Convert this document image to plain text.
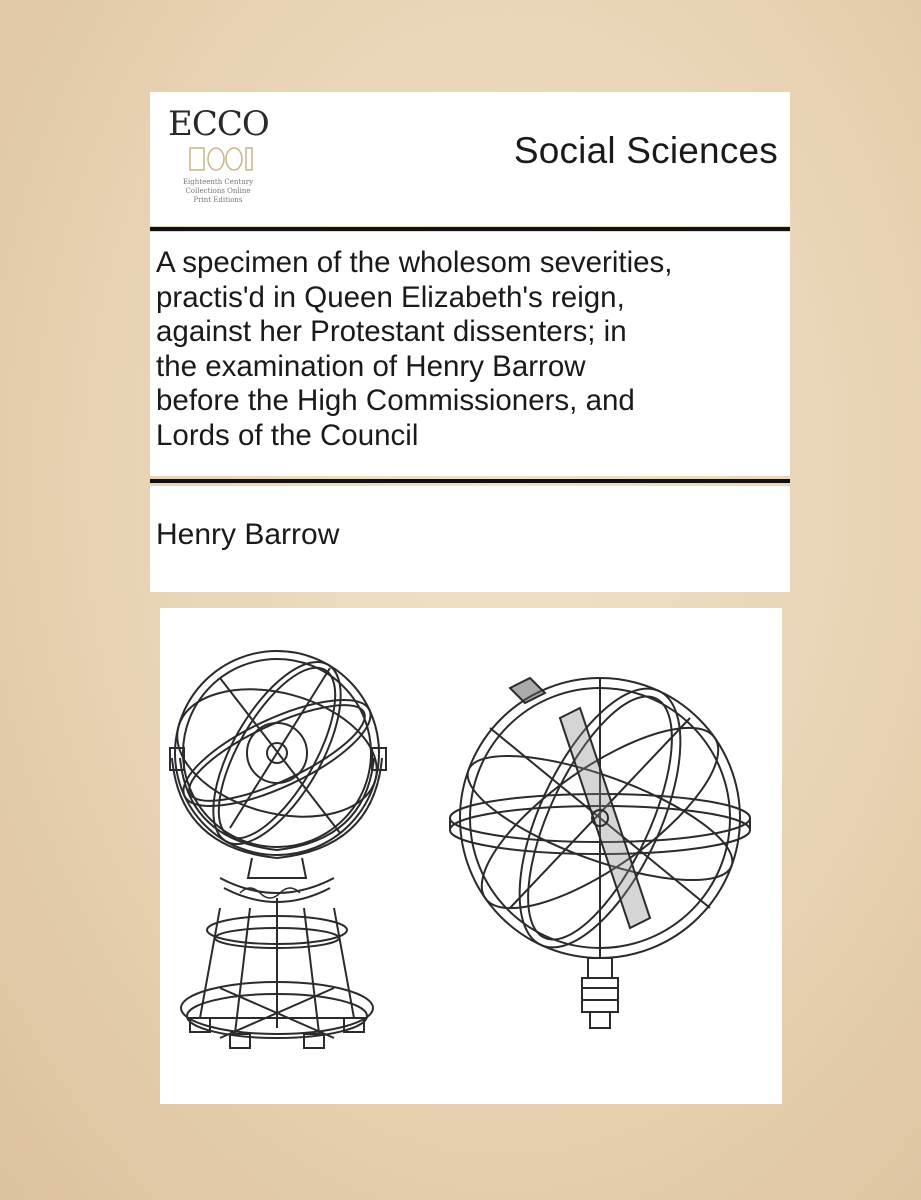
ECCO
Eighteenth Century
Collections Online
Print Editions
Social Sciences
A specimen of the wholesom severities,
practis'd in Queen Elizabeth's reign,
against her Protestant dissenters; in
the examination of Henry Barrow
before the High Commissioners, and
Lords of the Council
Henry Barrow
